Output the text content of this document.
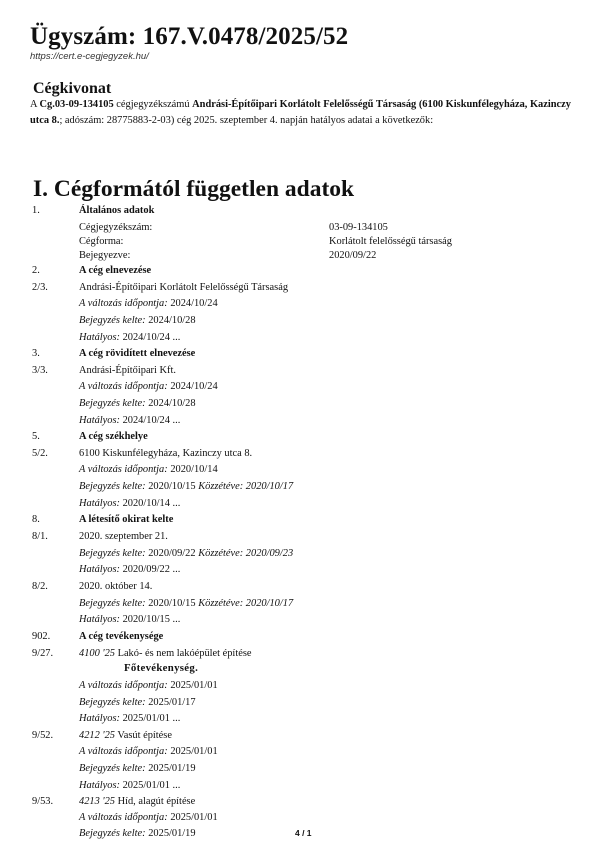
Ügyszám: 167.V.0478/2025/52
https://cert.e-cegjegyzek.hu/
Cégkivonat
A Cg.03-09-134105 cégjegyzékszámú Andrási-Építőipari Korlátolt Felelősségű Társaság (6100 Kiskunfélegyháza, Kazinczy utca 8.; adószám: 28775883-2-03) cég 2025. szeptember 4. napján hatályos adatai a következők:
I. Cégformától független adatok
1.	Általános adatok
Cégjegyzékszám:	03-09-134105
Cégforma:	Korlátolt felelősségű társaság
Bejegyezve:	2020/09/22
2.	A cég elnevezése
2/3.	Andrási-Építőipari Korlátolt Felelősségű Társaság
A változás időpontja: 2024/10/24
Bejegyzés kelte: 2024/10/28
Hatályos: 2024/10/24 ...
3.	A cég rövidített elnevezése
3/3.	Andrási-Építőipari Kft.
A változás időpontja: 2024/10/24
Bejegyzés kelte: 2024/10/28
Hatályos: 2024/10/24 ...
5.	A cég székhelye
5/2.	6100 Kiskunfélegyháza, Kazinczy utca 8.
A változás időpontja: 2020/10/14
Bejegyzés kelte: 2020/10/15 Közzétéve: 2020/10/17
Hatályos: 2020/10/14 ...
8.	A létesítő okirat kelte
8/1.	2020. szeptember 21.
Bejegyzés kelte: 2020/09/22 Közzétéve: 2020/09/23
Hatályos: 2020/09/22 ...
8/2.	2020. október 14.
Bejegyzés kelte: 2020/10/15 Közzétéve: 2020/10/17
Hatályos: 2020/10/15 ...
902.	A cég tevékenysége
9/27. 4100 '25 Lakó- és nem lakóépület építése
Főtevékenység.
A változás időpontja: 2025/01/01
Bejegyzés kelte: 2025/01/17
Hatályos: 2025/01/01 ...
9/52. 4212 '25 Vasút építése
A változás időpontja: 2025/01/01
Bejegyzés kelte: 2025/01/19
Hatályos: 2025/01/01 ...
9/53. 4213 '25 Híd, alagút építése
A változás időpontja: 2025/01/01
Bejegyzés kelte: 2025/01/19	4 / 1
